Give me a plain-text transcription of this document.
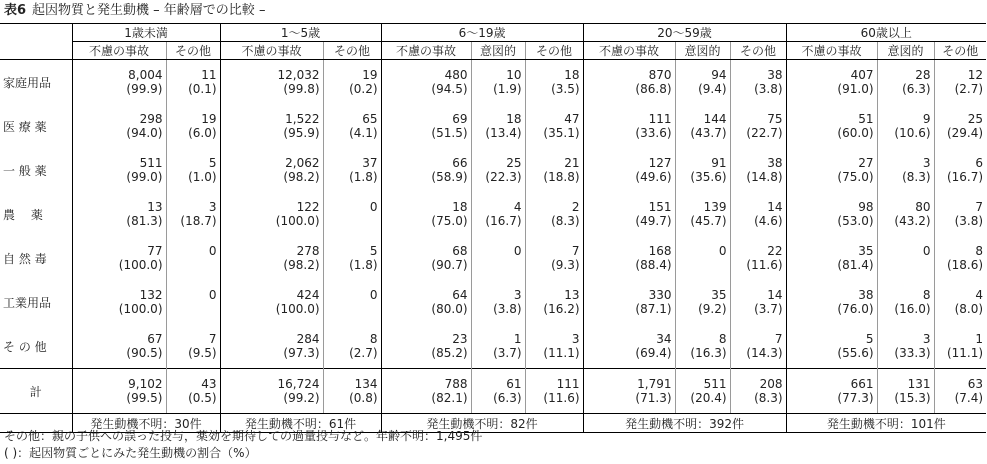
表6 起因物質と発生動機 – 年齢層での比較 –
	1歳未満		1～5歳		6～19歳			20～59歳			60歳以上		
	不慮の事故	その他	不慮の事故	その他	不慮の事故	意図的	その他	不慮の事故	意図的	その他	不慮の事故	意図的	その他
家庭用品	8,004	11	12,032	19	480	10	18	870	94	38	407	28	12
	(99.9)	(0.1)	(99.8)	(0.2)	(94.5)	(1.9)	(3.5)	(86.8)	(9.4)	(3.8)	(91.0)	(6.3)	(2.7)
医 療 薬	298	19	1,522	65	69	18	47	111	144	75	51	9	25
	(94.0)	(6.0)	(95.9)	(4.1)	(51.5)	(13.4)	(35.1)	(33.6)	(43.7)	(22.7)	(60.0)	(10.6)	(29.4)
一 般 薬	511	5	2,062	37	66	25	21	127	91	38	27	3	6
	(99.0)	(1.0)	(98.2)	(1.8)	(58.9)	(22.3)	(18.8)	(49.6)	(35.6)	(14.8)	(75.0)	(8.3)	(16.7)
農　 薬	13	3	122	0	18	4	2	151	139	14	98	80	7
	(81.3)	(18.7)	(100.0)		(75.0)	(16.7)	(8.3)	(49.7)	(45.7)	(4.6)	(53.0)	(43.2)	(3.8)
自 然 毒	77	0	278	5	68	0	7	168	0	22	35	0	8
	(100.0)		(98.2)	(1.8)	(90.7)		(9.3)	(88.4)		(11.6)	(81.4)		(18.6)
工業用品	132	0	424	0	64	3	13	330	35	14	38	8	4
	(100.0)		(100.0)		(80.0)	(3.8)	(16.2)	(87.1)	(9.2)	(3.7)	(76.0)	(16.0)	(8.0)
そ の 他	67	7	284	8	23	1	3	34	8	7	5	3	1
	(90.5)	(9.5)	(97.3)	(2.7)	(85.2)	(3.7)	(11.1)	(69.4)	(16.3)	(14.3)	(55.6)	(33.3)	(11.1)
計	9,102	43	16,724	134	788	61	111	1,791	511	208	661	131	63
	(99.5)	(0.5)	(99.2)	(0.8)	(82.1)	(6.3)	(11.6)	(71.3)	(20.4)	(8.3)	(77.3)	(15.3)	(7.4)
	発生動機不明：30件		発生動機不明：61件		発生動機不明：82件			発生動機不明：392件			発生動機不明：101件		
その他：親の子供への誤った投与，薬効を期待しての過量投与など。年齢不明：1,495件
( )：起因物質ごとにみた発生動機の割合（%）
